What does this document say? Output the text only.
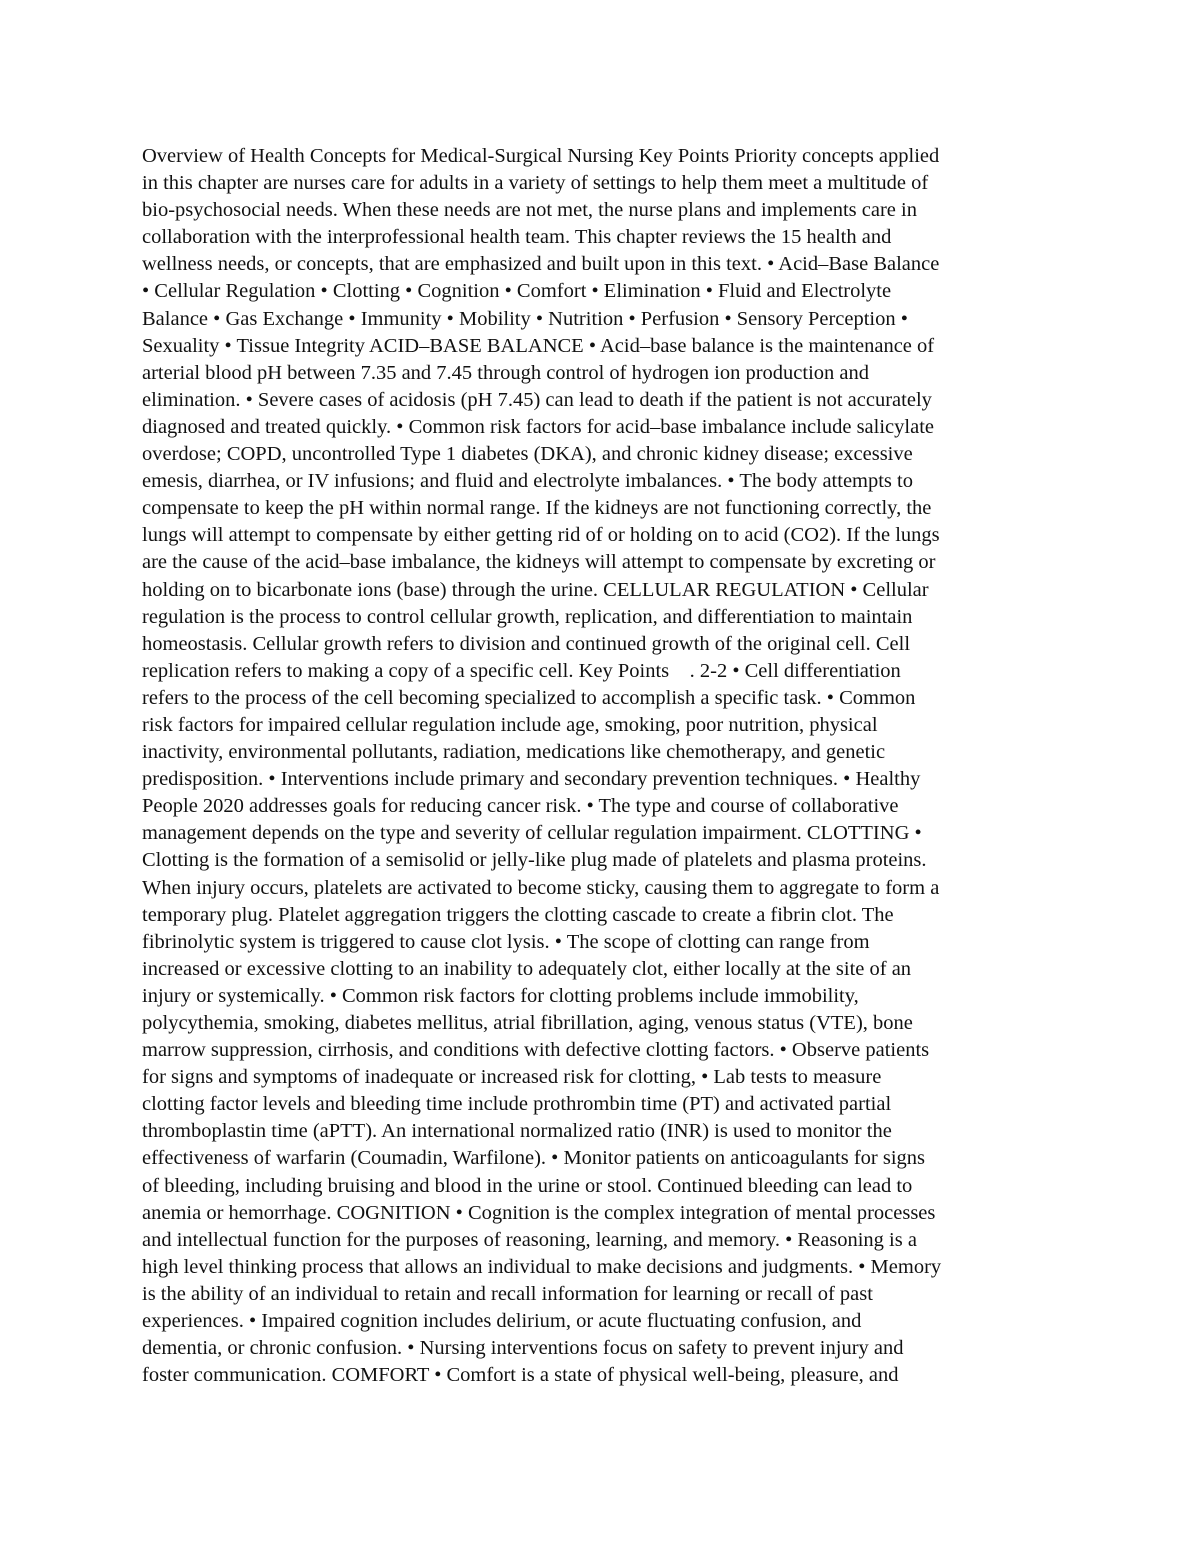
Overview of Health Concepts for Medical-Surgical Nursing Key Points Priority concepts applied
in this chapter are nurses care for adults in a variety of settings to help them meet a multitude of
bio-psychosocial needs. When these needs are not met, the nurse plans and implements care in
collaboration with the interprofessional health team. This chapter reviews the 15 health and
wellness needs, or concepts, that are emphasized and built upon in this text. • Acid–Base Balance
• Cellular Regulation • Clotting • Cognition • Comfort • Elimination • Fluid and Electrolyte
Balance • Gas Exchange • Immunity • Mobility • Nutrition • Perfusion • Sensory Perception •
Sexuality • Tissue Integrity ACID–BASE BALANCE • Acid–base balance is the maintenance of
arterial blood pH between 7.35 and 7.45 through control of hydrogen ion production and
elimination. • Severe cases of acidosis (pH 7.45) can lead to death if the patient is not accurately
diagnosed and treated quickly. • Common risk factors for acid–base imbalance include salicylate
overdose; COPD, uncontrolled Type 1 diabetes (DKA), and chronic kidney disease; excessive
emesis, diarrhea, or IV infusions; and fluid and electrolyte imbalances. • The body attempts to
compensate to keep the pH within normal range. If the kidneys are not functioning correctly, the
lungs will attempt to compensate by either getting rid of or holding on to acid (CO2). If the lungs
are the cause of the acid–base imbalance, the kidneys will attempt to compensate by excreting or
holding on to bicarbonate ions (base) through the urine. CELLULAR REGULATION • Cellular
regulation is the process to control cellular growth, replication, and differentiation to maintain
homeostasis. Cellular growth refers to division and continued growth of the original cell. Cell
replication refers to making a copy of a specific cell. Key Points    . 2-2 • Cell differentiation
refers to the process of the cell becoming specialized to accomplish a specific task. • Common
risk factors for impaired cellular regulation include age, smoking, poor nutrition, physical
inactivity, environmental pollutants, radiation, medications like chemotherapy, and genetic
predisposition. • Interventions include primary and secondary prevention techniques. • Healthy
People 2020 addresses goals for reducing cancer risk. • The type and course of collaborative
management depends on the type and severity of cellular regulation impairment. CLOTTING •
Clotting is the formation of a semisolid or jelly-like plug made of platelets and plasma proteins.
When injury occurs, platelets are activated to become sticky, causing them to aggregate to form a
temporary plug. Platelet aggregation triggers the clotting cascade to create a fibrin clot. The
fibrinolytic system is triggered to cause clot lysis. • The scope of clotting can range from
increased or excessive clotting to an inability to adequately clot, either locally at the site of an
injury or systemically. • Common risk factors for clotting problems include immobility,
polycythemia, smoking, diabetes mellitus, atrial fibrillation, aging, venous status (VTE), bone
marrow suppression, cirrhosis, and conditions with defective clotting factors. • Observe patients
for signs and symptoms of inadequate or increased risk for clotting, • Lab tests to measure
clotting factor levels and bleeding time include prothrombin time (PT) and activated partial
thromboplastin time (aPTT). An international normalized ratio (INR) is used to monitor the
effectiveness of warfarin (Coumadin, Warfilone). • Monitor patients on anticoagulants for signs
of bleeding, including bruising and blood in the urine or stool. Continued bleeding can lead to
anemia or hemorrhage. COGNITION • Cognition is the complex integration of mental processes
and intellectual function for the purposes of reasoning, learning, and memory. • Reasoning is a
high level thinking process that allows an individual to make decisions and judgments. • Memory
is the ability of an individual to retain and recall information for learning or recall of past
experiences. • Impaired cognition includes delirium, or acute fluctuating confusion, and
dementia, or chronic confusion. • Nursing interventions focus on safety to prevent injury and
foster communication. COMFORT • Comfort is a state of physical well-being, pleasure, and
